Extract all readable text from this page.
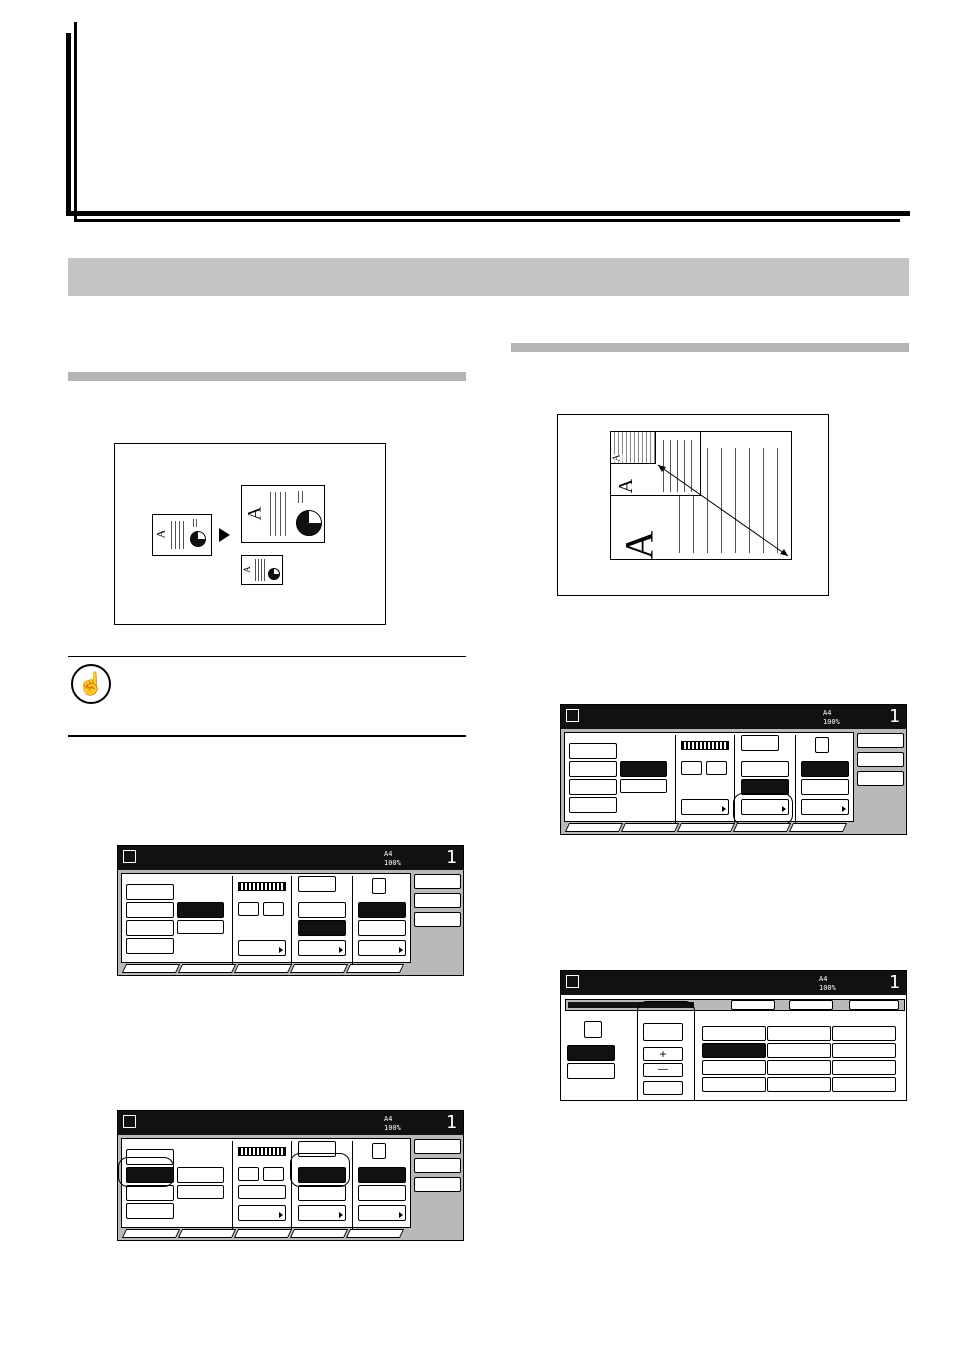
A
A
A
☝
A
A
A
A4
100%	1
A4
100%	1
A4
100%	1
A4
100%	1
+
—
